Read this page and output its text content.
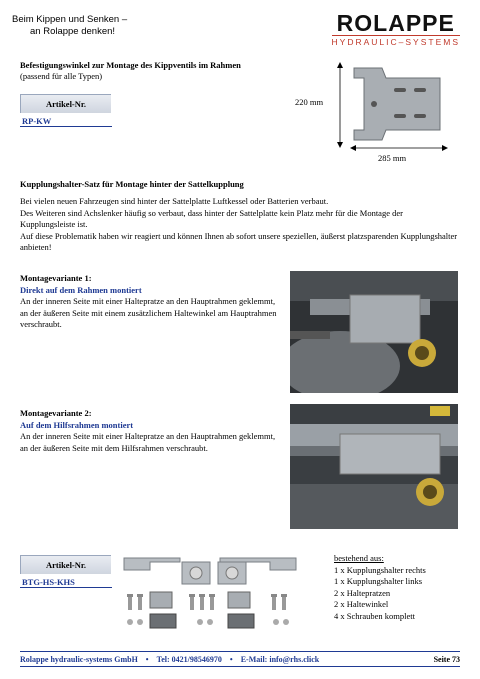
Beim Kippen und Senken –
an Rolappe denken!	ROLAPPE
HYDRAULIC–SYSTEMS
Befestigungswinkel zur Montage des Kippventils im Rahmen
(passend für alle Typen)
Artikel-Nr.
RP-KW
220 mm
285 mm
Kupplungshalter-Satz für Montage hinter der Sattelkupplung
Bei vielen neuen Fahrzeugen sind hinter der Sattelplatte Luftkessel oder Batterien verbaut.
Des Weiteren sind Achslenker häufig so verbaut, dass hinter der Sattelplatte kein Platz mehr für die Montage der Kupplungsleiste ist.
Auf diese Problematik haben wir reagiert und können Ihnen ab sofort unsere speziellen, äußerst platzsparenden Kupplungshalter anbieten!
Montagevariante 1:
Direkt auf dem Rahmen montiert
An der inneren Seite mit einer Haltepratze an den Hauptrahmen geklemmt, an der äußeren Seite mit einem zusätzlichem Haltewinkel am Hauptrahmen verschraubt.
Montagevariante 2:
Auf dem Hilfsrahmen montiert
An der inneren Seite mit einer Haltepratze an den Hauptrahmen geklemmt, an der äußeren Seite mit dem Hilfsrahmen verschraubt.
Artikel-Nr.
BTG-HS-KHS
bestehend aus:
1 x Kupplungshalter rechts
1 x Kupplungshalter links
2 x Haltepratzen
2 x Haltewinkel
4 x Schrauben komplett
Rolappe hydraulic-systems GmbH • Tel: 0421/98546970 • E-Mail: info@rhs.click	Seite 73
